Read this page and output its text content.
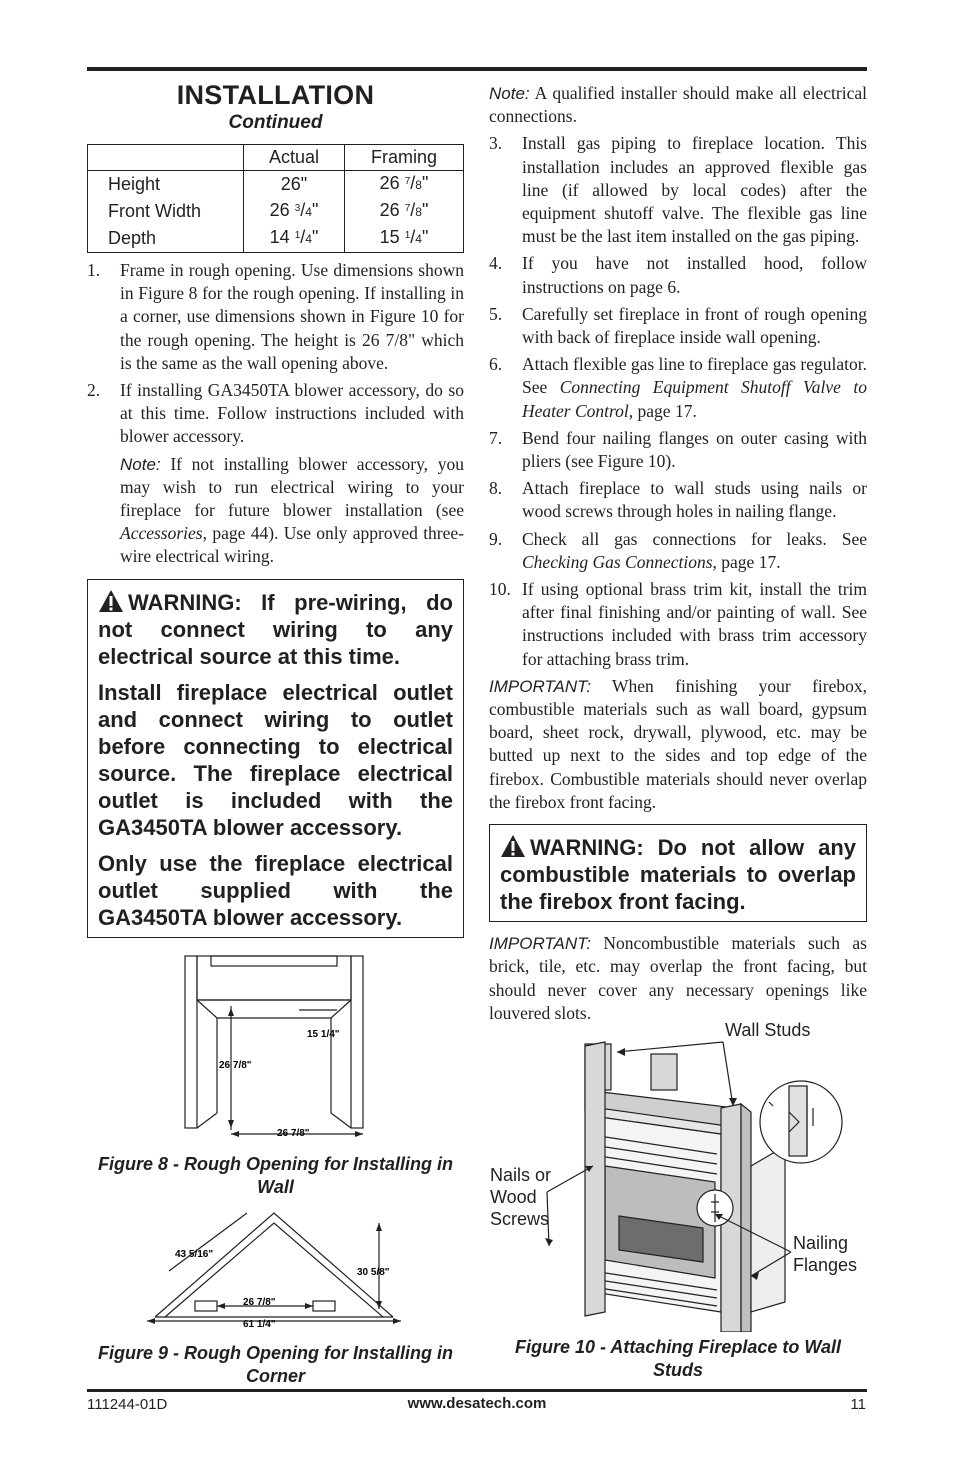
INSTALLATION
Continued
	Actual	Framing
Height	26"	26 $^7$/8"
Front Width	26 $^3$/4"	26 $^7$/8"
Depth	14 $^1$/4"	15 $^1$/4"
1. Frame in rough opening. Use dimensions shown in Figure 8 for the rough opening. If installing in a corner, use dimensions shown in Figure 10 for the rough opening. The height is 26 7/8" which is the same as the wall opening above.
2. If installing GA3450TA blower accessory, do so at this time. Follow instructions included with blower accessory.

Note: If not installing blower accessory, you may wish to run electrical wiring to your fireplace for future blower installation (see Accessories, page 44). Use only approved three-wire electrical wiring.

WARNING: If pre-wiring, do not connect wiring to any electrical source at this time.

Install fireplace electrical outlet and connect wiring to outlet before connecting to electrical source. The fireplace electrical outlet is included with the GA3450TA blower accessory.

Only use the fireplace electrical outlet supplied with the GA3450TA blower accessory.

15 1/4"
26 7/8"
26 7/8"

Figure 8 - Rough Opening for Installing in Wall

43 5/16"
30 5/8"
26 7/8"
61 1/4"

Figure 9 - Rough Opening for Installing in Corner

Note: A qualified installer should make all electrical connections.

3. Install gas piping to fireplace location. This installation includes an approved flexible gas line (if allowed by local codes) after the equipment shutoff valve. The flexible gas line must be the last item installed on the gas piping.
4. If you have not installed hood, follow instructions on page 6.
5. Carefully set fireplace in front of rough opening with back of fireplace inside wall opening.
6. Attach flexible gas line to fireplace gas regulator. See Connecting Equipment Shutoff Valve to Heater Control, page 17.
7. Bend four nailing flanges on outer casing with pliers (see Figure 10).
8. Attach fireplace to wall studs using nails or wood screws through holes in nailing flange.
9. Check all gas connections for leaks. See Checking Gas Connections, page 17.
10. If using optional brass trim kit, install the trim after final finishing and/or painting of wall. See instructions included with brass trim accessory for attaching brass trim.

IMPORTANT: When finishing your firebox, combustible materials such as wall board, gypsum board, sheet rock, drywall, plywood, etc. may be butted up next to the sides and top edge of the firebox. Combustible materials should never overlap the firebox front facing.

WARNING: Do not allow any combustible materials to overlap the firebox front facing.

IMPORTANT: Noncombustible materials such as brick, tile, etc. may overlap the front facing, but should never cover any necessary openings like louvered slots.

Wall Studs
Nails or
Wood
Screws
Nailing
Flanges

Figure 10 - Attaching Fireplace to Wall Studs

111244-01D	www.desatech.com	11
